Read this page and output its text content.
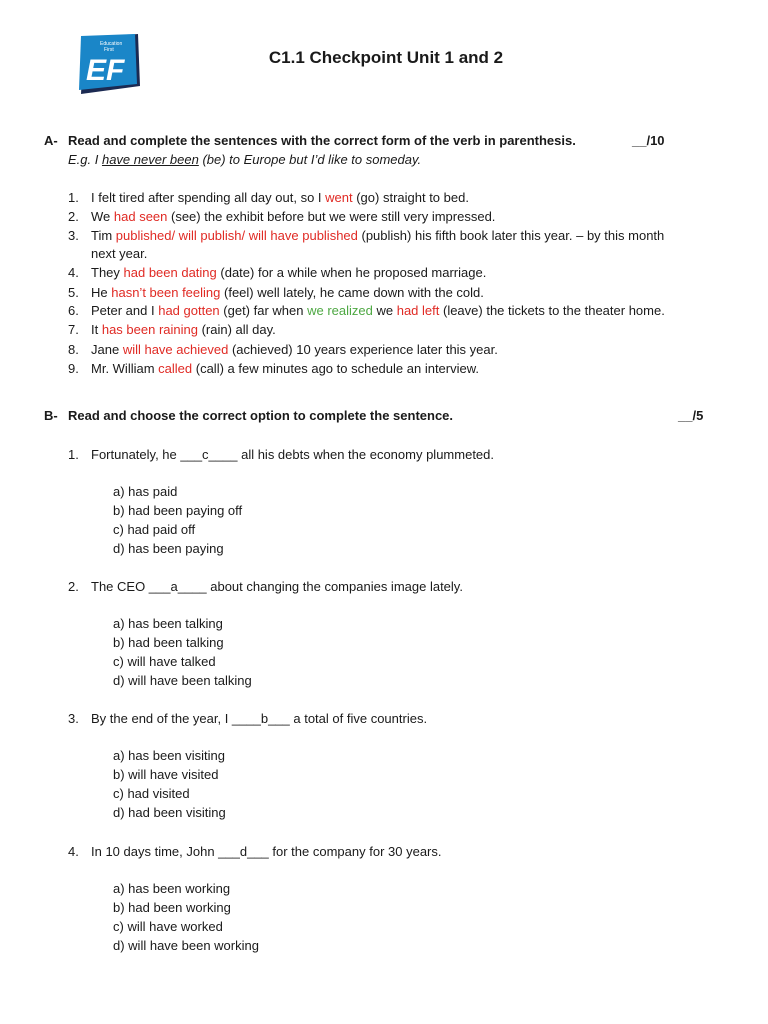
Education
First
EF	C1.1 Checkpoint Unit 1 and 2
A- Read and complete the sentences with the correct form of the verb in parenthesis.	__/10
E.g. I have never been (be) to Europe but I’d like to someday.
1. I felt tired after spending all day out, so I went (go) straight to bed.
2. We had seen (see) the exhibit before but we were still very impressed.
3. Tim published/ will publish/ will have published (publish) his fifth book later this year. – by this month
next year.
4. They had been dating (date) for a while when he proposed marriage.
5. He hasn’t been feeling (feel) well lately, he came down with the cold.
6. Peter and I had gotten (get) far when we realized we had left (leave) the tickets to the theater home.
7. It has been raining (rain) all day.
8. Jane will have achieved (achieved) 10 years experience later this year.
9. Mr. William called (call) a few minutes ago to schedule an interview.
B- Read and choose the correct option to complete the sentence.	__/5
1. Fortunately, he ___c____ all his debts when the economy plummeted.
a) has paid
b) had been paying off
c) had paid off
d) has been paying
2. The CEO ___a____ about changing the companies image lately.
a) has been talking
b) had been talking
c) will have talked
d) will have been talking
3. By the end of the year, I ____b___ a total of five countries.
a) has been visiting
b) will have visited
c) had visited
d) had been visiting
4. In 10 days time, John ___d___ for the company for 30 years.
a) has been working
b) had been working
c) will have worked
d) will have been working
